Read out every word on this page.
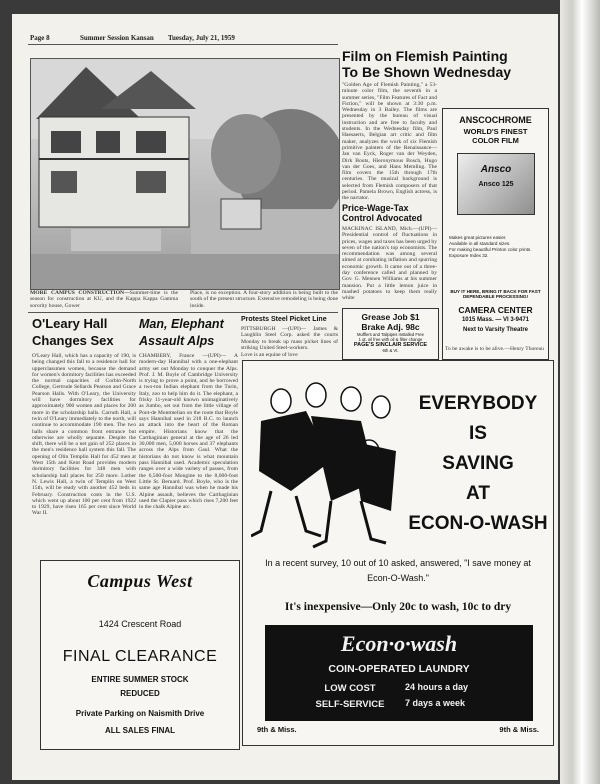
Page 8	Summer Session Kansan Tuesday, July 21, 1959
MORE CAMPUS CONSTRUCTION—Summer-time is the season for construction at KU, and the Kappa Kappa Gamma sorority house, Gower
Place, is no exception. A four-story addition is being built to the south of the present structure. Extensive remodeling is being done inside.
Film on Flemish Painting
To Be Shown Wednesday
"Golden Age of Flemish Painting," a 53-minute color film, the seventh in a summer series, "Film Features of Fact and Fiction," will be shown at 3:30 p.m. Wednesday in 3 Bailey. The films are presented by the bureau of visual instruction and are free to faculty and students. In the Wednesday film, Paul Haesaerts, Belgian art critic and film maker, analyzes the work of six Flemish primitive painters of the Renaissance—Jan van Eyck, Roger van der Weyden, Dirk Bouts, Hieronymous Bosch, Hugo van der Goes, and Hans Memling. The film covers the 15th through 17th centuries. The musical background is selected from Flemish composers of that period. Pamela Brown, English actress, is the narrator.
Price-Wage-Tax Control Advocated
MACKINAC ISLAND, Mich.—(UPI)—Presidential control of fluctuations in prices, wages and taxes has been urged by seven of the nation's top economists. The recommendation was among several aimed at combating inflation and spurring economic growth. It came out of a three-day conference called and planned by Gov. G. Mennen Williams at his summer mansion. Put a little lemon juice in mashed potatoes to keep them really white
ANSCOCHROME
WORLD'S FINEST
COLOR FILM
Ansco
Ansco 125
Makes great pictures easier.
Available in all standard sizes.
For making beautiful Printon color prints.
Exposure Index 32.
BUY IT HERE, BRING IT BACK FOR FAST DEPENDABLE PROCESSING!
CAMERA CENTER
1015 Mass. — VI 3-9471
Next to Varsity Theatre
To be awake is to be alive.—Henry Thoreau
Grease Job $1
Brake Adj. 98c
Mufflers and Tailpipes Installed Free
1 qt. oil free with oil & filter change
PAGE'S SINCLAIR SERVICE
6th & Vt.
O'Leary Hall
Changes Sex
O'Leary Hall, which has a capacity of 190, is being changed this fall to a residence hall for upperclassmen women, because the demand for women's dormitory facilities has exceeded the normal capacities of Corbin-North College, Gertrude Sellards Pearson and Grace Pearson Halls. With O'Leary, the University will have dormitory facilities for approximately 900 women and places for 200 more in the scholarship halls. Carruth Hall, a twin of O'Leary immediately to the north, will continue to accommodate 190 men. The two halls share a common front entrance but otherwise are wholly separate. Despite the shift, there will be a net gain of 252 places in the men's residence hall system this fall. The opening of Olin Templin Hall for 452 men at West 15th and Kent Road provides modern dormitory facilities for 348 men with scholarship hall places for 250 more. Lother N. Lewis Hall, a twin of Templin on West 15th, will be ready with another 452 beds in February. Construction costs in the U.S. which went up about 100 per cent from 1922 to 1929, have risen 165 per cent since World War II.
Man, Elephant
Assault Alps
CHAMBERY, France —(UPI)— A modern-day Hannibal with a one-elephant army set out Monday to conquer the Alps. Prof. J. M. Boyle of Cambridge University is trying to prove a point, and he borrowed a two-ton Indian elephant from the Turin, Italy, zoo to help him do it. The elephant, a frisky 11-year-old known unimaginatively as Jumbo, set out from the little village of Pont-de Montmelian on the route that Boyle says Hannibal used in 218 B.C. to launch an attack into the heart of the Roman empire. Historians know that the Carthaginian general at the age of 26 led 30,000 men, 5,000 horses and 37 elephants across the Alps from Gaul. What the historians do not know is what mountain pass Hannibal used. Academic speculation ranges over a wide variety of passes, from the 6,500-foot Mongine to the 8,000-foot Little St. Bernard. Prof. Boyle, who is the same age Hannibal was when he made his Alpine assault, believes the Carthaginian used the Clapier pass which rises 7,200 feet in the chalk Alpine arc.
Protests Steel Picket Line
PITTSBURGH —(UPI)— James & Laughlin Steel Corp. asked the courts Monday to break up mass picket lines of striking United Steel-workers.
Love is an equine of love
Campus West
1424 Crescent Road
FINAL CLEARANCE
ENTIRE SUMMER STOCK
REDUCED
Private Parking on Naismith Drive
ALL SALES FINAL
EVERYBODY
IS
SAVING
AT
ECON-O-WASH
In a recent survey, 10 out of 10 asked, answered, "I save money at Econ-O-Wash."
It's inexpensive—Only 20c to wash, 10c to dry
Econ·o·wash
COIN-OPERATED LAUNDRY
LOW COST
SELF-SERVICE
24 hours a day
7 days a week
9th & Miss.	9th & Miss.
